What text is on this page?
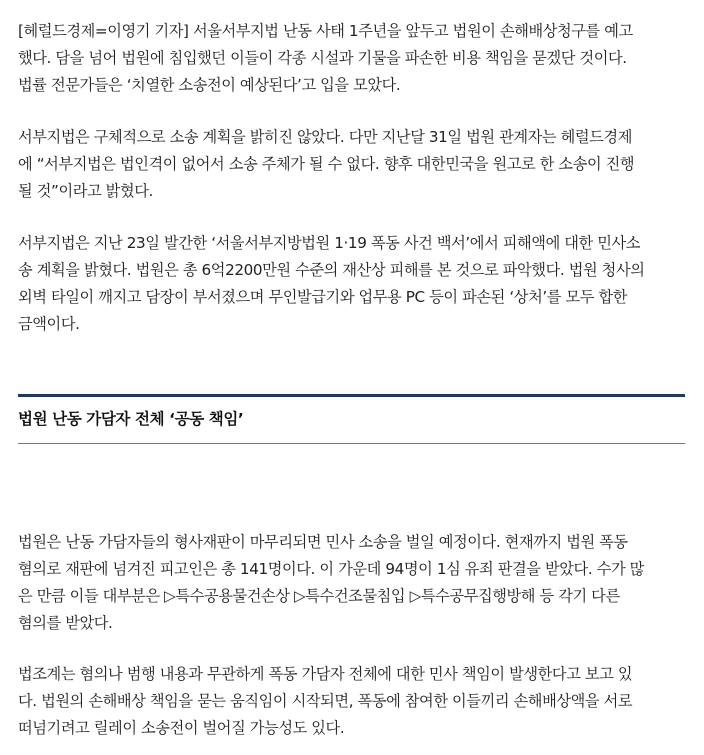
[헤럴드경제=이영기 기자] 서울서부지법 난동 사태 1주년을 앞두고 법원이 손해배상청구를 예고
했다. 담을 넘어 법원에 침입했던 이들이 각종 시설과 기물을 파손한 비용 책임을 묻겠단 것이다.
법률 전문가들은 ‘치열한 소송전이 예상된다’고 입을 모았다.

서부지법은 구체적으로 소송 계획을 밝히진 않았다. 다만 지난달 31일 법원 관계자는 헤럴드경제
에 “서부지법은 법인격이 없어서 소송 주체가 될 수 없다. 향후 대한민국을 원고로 한 소송이 진행
될 것”이라고 밝혔다.

서부지법은 지난 23일 발간한 ‘서울서부지방법원 1·19 폭동 사건 백서’에서 피해액에 대한 민사소
송 계획을 밝혔다. 법원은 총 6억2200만원 수준의 재산상 피해를 본 것으로 파악했다. 법원 청사의
외벽 타일이 깨지고 담장이 부서졌으며 무인발급기와 업무용 PC 등이 파손된 ‘상처’를 모두 합한
금액이다.

법원 난동 가담자 전체 ‘공동 책임’

법원은 난동 가담자들의 형사재판이 마무리되면 민사 소송을 벌일 예정이다. 현재까지 법원 폭동
혐의로 재판에 넘겨진 피고인은 총 141명이다. 이 가운데 94명이 1심 유죄 판결을 받았다. 수가 많
은 만큼 이들 대부분은 ▷특수공용물건손상 ▷특수건조물침입 ▷특수공무집행방해 등 각기 다른
혐의를 받았다.

법조계는 혐의나 범행 내용과 무관하게 폭동 가담자 전체에 대한 민사 책임이 발생한다고 보고 있
다. 법원의 손해배상 책임을 묻는 움직임이 시작되면, 폭동에 참여한 이들끼리 손해배상액을 서로
떠넘기려고 릴레이 소송전이 벌어질 가능성도 있다.
